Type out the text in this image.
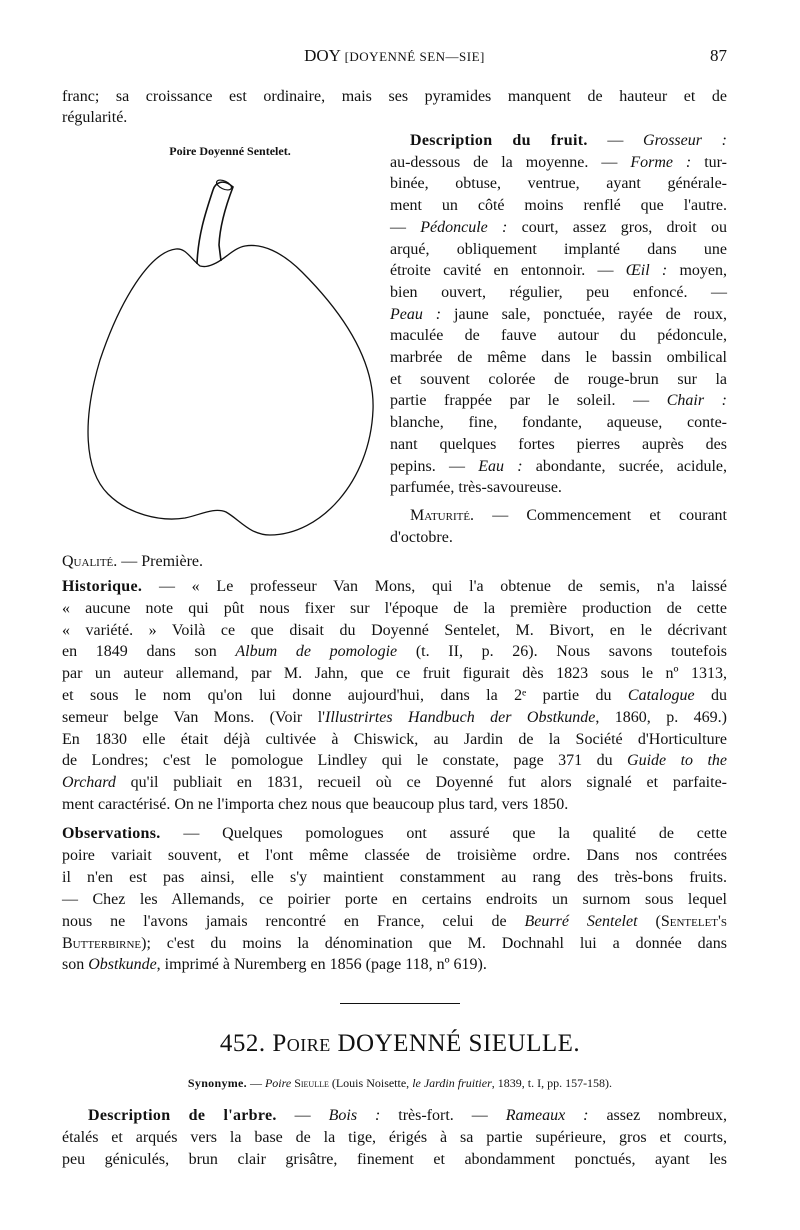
DOY [DOYENNÉ SEN—SIE]	87
franc; sa croissance est ordinaire, mais ses pyramides manquent de hauteur et de
régularité.
Poire Doyenné Sentelet.
Description du fruit. — Grosseur :
au-dessous de la moyenne. — Forme : tur-
binée, obtuse, ventrue, ayant générale-
ment un côté moins renflé que l'autre.
— Pédoncule : court, assez gros, droit ou
arqué, obliquement implanté dans une
étroite cavité en entonnoir. — Œil : moyen,
bien ouvert, régulier, peu enfoncé. —
Peau : jaune sale, ponctuée, rayée de roux,
maculée de fauve autour du pédoncule,
marbrée de même dans le bassin ombilical
et souvent colorée de rouge-brun sur la
partie frappée par le soleil. — Chair :
blanche, fine, fondante, aqueuse, conte-
nant quelques fortes pierres auprès des
pepins. — Eau : abondante, sucrée, acidule,
parfumée, très-savoureuse.
Maturité. — Commencement et courant
d'octobre.
Qualité. — Première.
Historique. — « Le professeur Van Mons, qui l'a obtenue de semis, n'a laissé
« aucune note qui pût nous fixer sur l'époque de la première production de cette
« variété. » Voilà ce que disait du Doyenné Sentelet, M. Bivort, en le décrivant
en 1849 dans son Album de pomologie (t. II, p. 26). Nous savons toutefois
par un auteur allemand, par M. Jahn, que ce fruit figurait dès 1823 sous le nº 1313,
et sous le nom qu'on lui donne aujourd'hui, dans la 2ᵉ partie du Catalogue du
semeur belge Van Mons. (Voir l'Illustrirtes Handbuch der Obstkunde, 1860, p. 469.)
En 1830 elle était déjà cultivée à Chiswick, au Jardin de la Société d'Horticulture
de Londres; c'est le pomologue Lindley qui le constate, page 371 du Guide to the
Orchard qu'il publiait en 1831, recueil où ce Doyenné fut alors signalé et parfaite-
ment caractérisé. On ne l'importa chez nous que beaucoup plus tard, vers 1850.
Observations. — Quelques pomologues ont assuré que la qualité de cette
poire variait souvent, et l'ont même classée de troisième ordre. Dans nos contrées
il n'en est pas ainsi, elle s'y maintient constamment au rang des très-bons fruits.
— Chez les Allemands, ce poirier porte en certains endroits un surnom sous lequel
nous ne l'avons jamais rencontré en France, celui de Beurré Sentelet (Sentelet's
Butterbirne); c'est du moins la dénomination que M. Dochnahl lui a donnée dans
son Obstkunde, imprimé à Nuremberg en 1856 (page 118, nº 619).
452. Poire DOYENNÉ SIEULLE.
Synonyme. — Poire Sieulle (Louis Noisette, le Jardin fruitier, 1839, t. I, pp. 157-158).
Description de l'arbre. — Bois : très-fort. — Rameaux : assez nombreux,
étalés et arqués vers la base de la tige, érigés à sa partie supérieure, gros et courts,
peu géniculés, brun clair grisâtre, finement et abondamment ponctués, ayant les
